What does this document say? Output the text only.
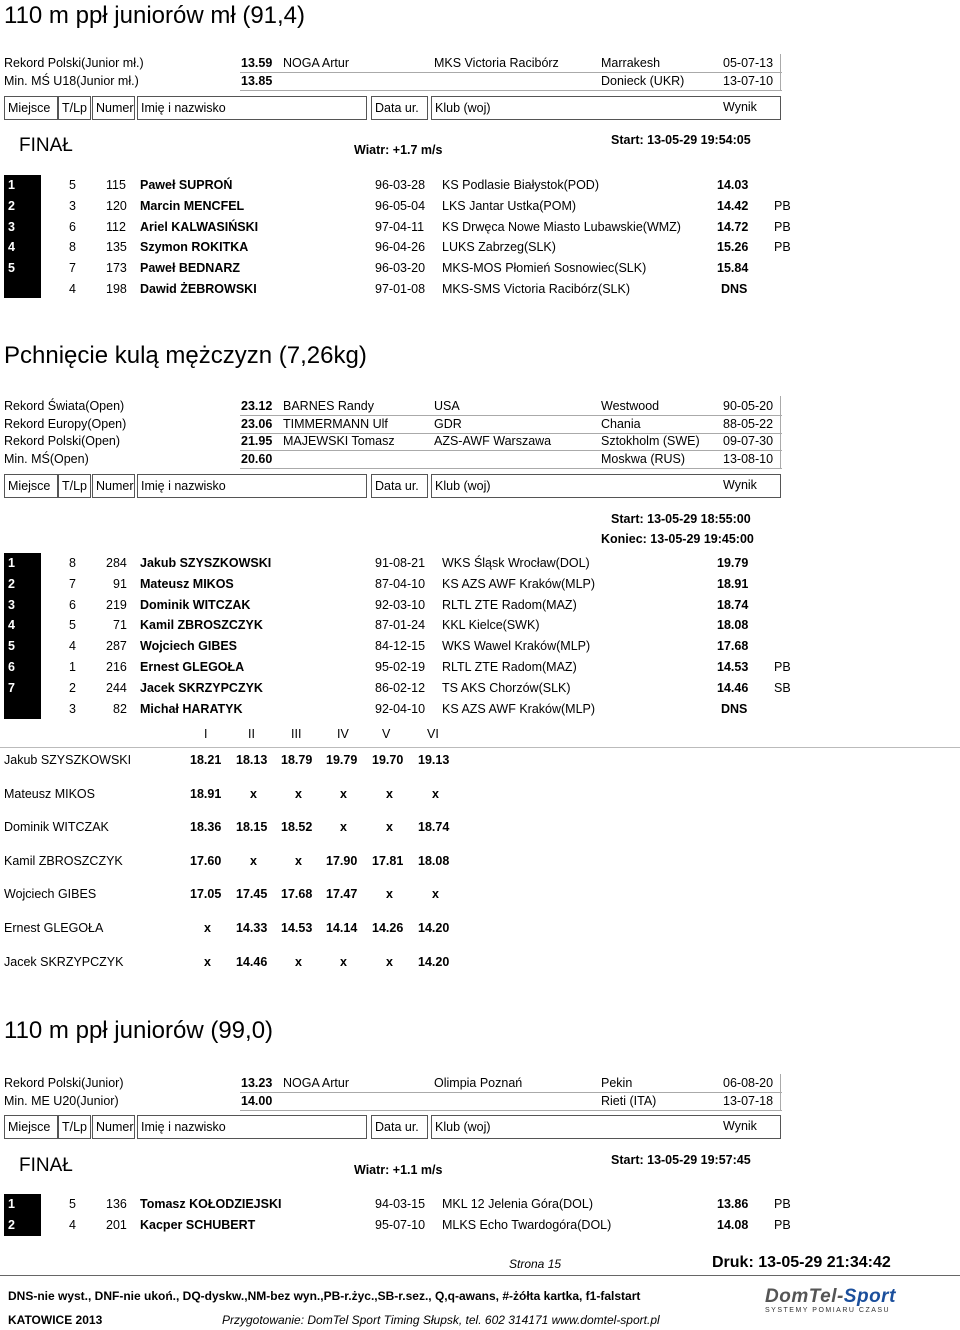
110 m ppł juniorów mł (91,4)
Rekord Polski(Junior mł.)	13.59 NOGA Artur	MKS Victoria Racibórz	Marrakesh	05-07-13
Min. MŚ U18(Junior mł.)	13.85	Donieck (UKR)	13-07-10
Miejsce T/Lp Numer Imię i nazwisko	Data ur.	Klub (woj)	Wynik
FINAŁ	Wiatr: +1.7 m/s
Start: 13-05-29 19:54:05
1	5 115 Paweł SUPROŃ	96-03-28 KS Podlasie Białystok(POD)	14.03
2	3 120 Marcin MENCFEL	96-05-04 LKS Jantar Ustka(POM)	14.42 PB
3	6 112 Ariel KALWASIŃSKI	97-04-11 KS Drwęca Nowe Miasto Lubawskie(WMZ)	14.72 PB
4	8 135 Szymon ROKITKA	96-04-26 LUKS Zabrzeg(SLK)	15.26 PB
5	7 173 Paweł BEDNARZ	96-03-20 MKS-MOS Płomień Sosnowiec(SLK)	15.84
4 198 Dawid ŻEBROWSKI	97-01-08 MKS-SMS Victoria Racibórz(SLK)	DNS
Pchnięcie kulą mężczyzn (7,26kg)
Rekord Świata(Open)	23.12 BARNES Randy	USA	Westwood	90-05-20
Rekord Europy(Open)	23.06 TIMMERMANN Ulf	GDR	Chania	88-05-22
Rekord Polski(Open)	21.95 MAJEWSKI Tomasz	AZS-AWF Warszawa	Sztokholm (SWE) 09-07-30
Min. MŚ(Open)	20.60	Moskwa (RUS)	13-08-10
Miejsce T/Lp Numer Imię i nazwisko	Data ur.	Klub (woj)	Wynik
Start: 13-05-29 18:55:00
Koniec: 13-05-29 19:45:00
1	8 284 Jakub SZYSZKOWSKI	91-08-21 WKS Śląsk Wrocław(DOL)	19.79
2	7	91 Mateusz MIKOS	87-04-10 KS AZS AWF Kraków(MLP)	18.91
3	6 219 Dominik WITCZAK	92-03-10 RLTL ZTE Radom(MAZ)	18.74
4	5	71 Kamil ZBROSZCZYK	87-01-24 KKL Kielce(SWK)	18.08
5	4 287 Wojciech GIBES	84-12-15 WKS Wawel Kraków(MLP)	17.68
6	1 216 Ernest GLEGOŁA	95-02-19 RLTL ZTE Radom(MAZ)	14.53 PB
7	2 244 Jacek SKRZYPCZYK	86-02-12 TS AKS Chorzów(SLK)	14.46 SB
3	82 Michał HARATYK	92-04-10 KS AZS AWF Kraków(MLP)	DNS
I	II	III	IV	V	VI
Jakub SZYSZKOWSKI	18.21 18.13 18.79 19.79 19.70 19.13
Mateusz MIKOS	18.91 x	x	x	x	x
Dominik WITCZAK	18.36 18.15 18.52 x	x 18.74
Kamil ZBROSZCZYK	17.60 x	x 17.90 17.81 18.08
Wojciech GIBES	17.05 17.45 17.68 17.47 x	x
Ernest GLEGOŁA	x 14.33 14.53 14.14 14.26 14.20
Jacek SKRZYPCZYK	x 14.46 x	x	x 14.20
110 m ppł juniorów (99,0)
Rekord Polski(Junior)	13.23 NOGA Artur	Olimpia Poznań	Pekin	06-08-20
Min. ME U20(Junior)	14.00	Rieti (ITA)	13-07-18
Miejsce T/Lp Numer Imię i nazwisko	Data ur.	Klub (woj)	Wynik
FINAŁ	Wiatr: +1.1 m/s
Start: 13-05-29 19:57:45
1	5 136 Tomasz KOŁODZIEJSKI	94-03-15 MKL 12 Jelenia Góra(DOL)	13.86 PB
2	4 201 Kacper SCHUBERT	95-07-10 MLKS Echo Twardogóra(DOL)	14.08 PB
Strona 15	Druk: 13-05-29 21:34:42
DNS-nie wyst., DNF-nie ukoń., DQ-dyskw.,NM-bez wyn.,PB-r.życ.,SB-r.sez., Q,q-awans, #-żółta kartka, f1-falstart
KATOWICE 2013	Przygotowanie: DomTel Sport Timing Słupsk, tel. 602 314171 www.domtel-sport.pl
DomTel-Sport
SYSTEMY POMIARU CZASU
